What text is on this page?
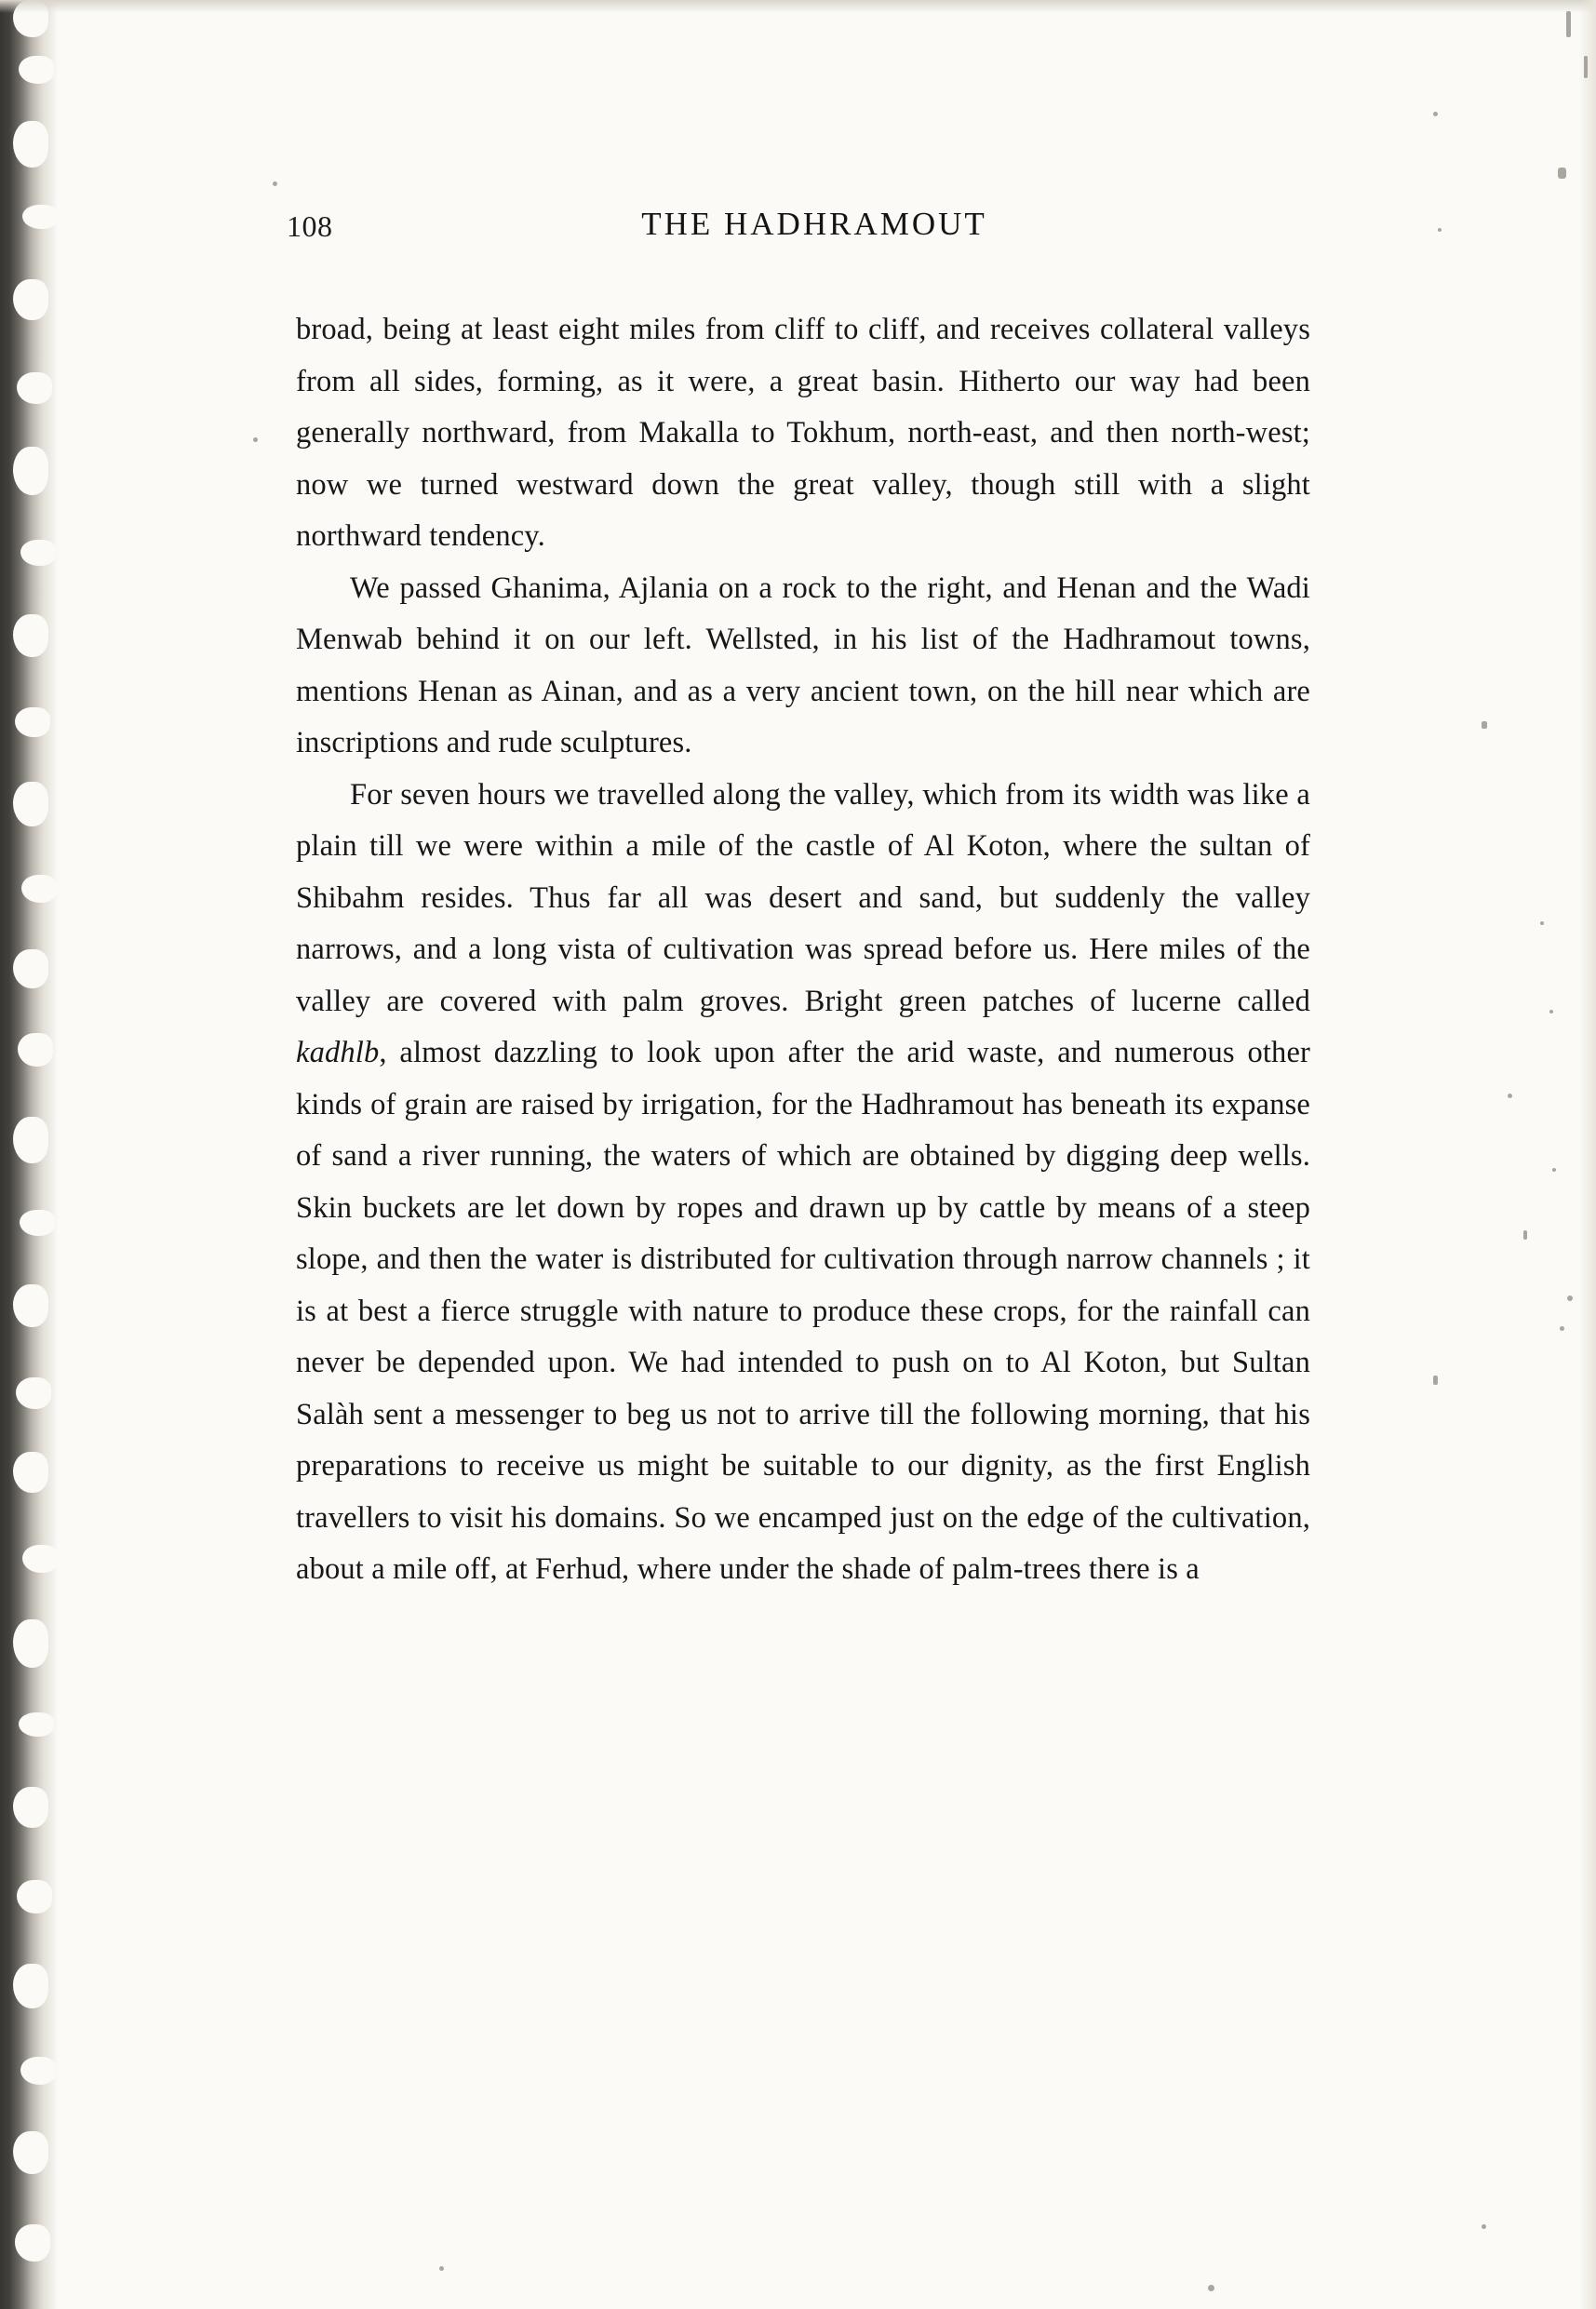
108	THE HADHRAMOUT

broad, being at least eight miles from cliff to cliff, and receives collateral valleys from all sides, forming, as it were, a great basin. Hitherto our way had been generally northward, from Makalla to Tokhum, north-east, and then north-west; now we turned westward down the great valley, though still with a slight northward tendency.

We passed Ghanima, Ajlania on a rock to the right, and Henan and the Wadi Menwab behind it on our left. Wellsted, in his list of the Hadhramout towns, mentions Henan as Ainan, and as a very ancient town, on the hill near which are inscriptions and rude sculptures.

For seven hours we travelled along the valley, which from its width was like a plain till we were within a mile of the castle of Al Koton, where the sultan of Shibahm resides. Thus far all was desert and sand, but suddenly the valley narrows, and a long vista of cultivation was spread before us. Here miles of the valley are covered with palm groves. Bright green patches of lucerne called kadhlb, almost dazzling to look upon after the arid waste, and numerous other kinds of grain are raised by irrigation, for the Hadhramout has beneath its expanse of sand a river running, the waters of which are obtained by digging deep wells. Skin buckets are let down by ropes and drawn up by cattle by means of a steep slope, and then the water is distributed for cultivation through narrow channels ; it is at best a fierce struggle with nature to produce these crops, for the rainfall can never be depended upon. We had intended to push on to Al Koton, but Sultan Salàh sent a messenger to beg us not to arrive till the following morning, that his preparations to receive us might be suitable to our dignity, as the first English travellers to visit his domains. So we encamped just on the edge of the cultivation, about a mile off, at Ferhud, where under the shade of palm-trees there is a
